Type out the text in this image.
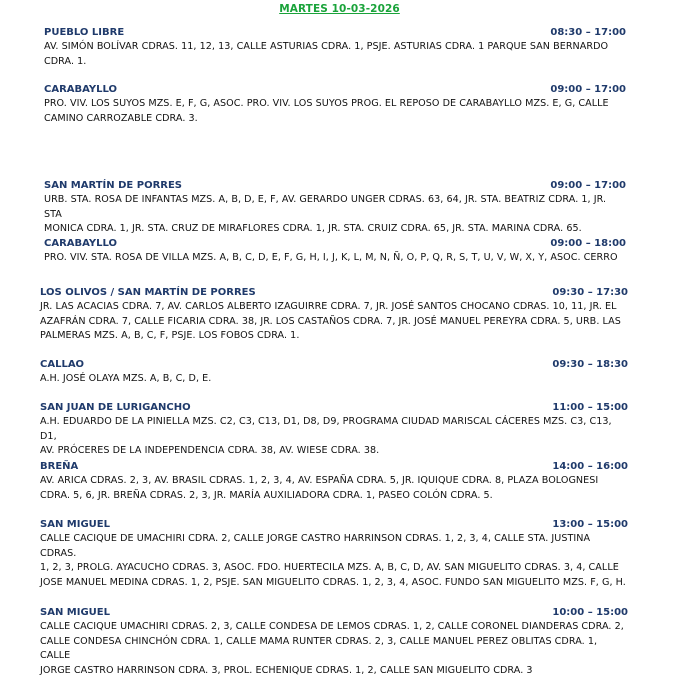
MARTES 10-03-2026
PUEBLO LIBRE	08:30 – 17:00
AV. SIMÓN BOLÍVAR CDRAS. 11, 12, 13, CALLE ASTURIAS CDRA. 1, PSJE. ASTURIAS CDRA. 1 PARQUE SAN BERNARDO
CDRA. 1.
CARABAYLLO	09:00 – 17:00
PRO. VIV. LOS SUYOS MZS. E, F, G, ASOC. PRO. VIV. LOS SUYOS PROG. EL REPOSO DE CARABAYLLO MZS. E, G, CALLE
CAMINO CARROZABLE CDRA. 3.
SAN MARTÍN DE PORRES	09:00 – 17:00
URB. STA. ROSA DE INFANTAS MZS. A, B, D, E, F, AV. GERARDO UNGER CDRAS. 63, 64, JR. STA. BEATRIZ CDRA. 1, JR. STA
MONICA CDRA. 1, JR. STA. CRUZ DE MIRAFLORES CDRA. 1, JR. STA. CRUIZ CDRA. 65, JR. STA. MARINA CDRA. 65.
CARABAYLLO	09:00 – 18:00
PRO. VIV. STA. ROSA DE VILLA MZS. A, B, C, D, E, F, G, H, I, J, K, L, M, N, Ñ, O, P, Q, R, S, T, U, V, W, X, Y, ASOC. CERRO
LOS OLIVOS / SAN MARTÍN DE PORRES	09:30 – 17:30
JR. LAS ACACIAS CDRA. 7, AV. CARLOS ALBERTO IZAGUIRRE CDRA. 7, JR. JOSÉ SANTOS CHOCANO CDRAS. 10, 11, JR. EL
AZAFRÁN CDRA. 7, CALLE FICARIA CDRA. 38, JR. LOS CASTAÑOS CDRA. 7, JR. JOSÉ MANUEL PEREYRA CDRA. 5, URB. LAS
PALMERAS MZS. A, B, C, F, PSJE. LOS FOBOS CDRA. 1.
CALLAO	09:30 – 18:30
A.H. JOSÉ OLAYA MZS. A, B, C, D, E.
SAN JUAN DE LURIGANCHO	11:00 – 15:00
A.H. EDUARDO DE LA PINIELLA MZS. C2, C3, C13, D1, D8, D9, PROGRAMA CIUDAD MARISCAL CÁCERES MZS. C3, C13, D1,
AV. PRÓCERES DE LA INDEPENDENCIA CDRA. 38, AV. WIESE CDRA. 38.
BREÑA	14:00 – 16:00
AV. ARICA CDRAS. 2, 3, AV. BRASIL CDRAS. 1, 2, 3, 4, AV. ESPAÑA CDRA. 5, JR. IQUIQUE CDRA. 8, PLAZA BOLOGNESI
CDRA. 5, 6, JR. BREÑA CDRAS. 2, 3, JR. MARÍA AUXILIADORA CDRA. 1, PASEO COLÓN CDRA. 5.
SAN MIGUEL	13:00 – 15:00
CALLE CACIQUE DE UMACHIRI CDRA. 2, CALLE JORGE CASTRO HARRINSON CDRAS. 1, 2, 3, 4, CALLE STA. JUSTINA CDRAS.
1, 2, 3, PROLG. AYACUCHO CDRAS. 3, ASOC. FDO. HUERTECILA MZS. A, B, C, D, AV. SAN MIGUELITO CDRAS. 3, 4, CALLE
JOSE MANUEL MEDINA CDRAS. 1, 2, PSJE. SAN MIGUELITO CDRAS. 1, 2, 3, 4, ASOC. FUNDO SAN MIGUELITO MZS. F, G, H.
SAN MIGUEL	10:00 – 15:00
CALLE CACIQUE UMACHIRI CDRAS. 2, 3, CALLE CONDESA DE LEMOS CDRAS. 1, 2, CALLE CORONEL DIANDERAS CDRA. 2,
CALLE CONDESA CHINCHÓN CDRA. 1, CALLE MAMA RUNTER CDRAS. 2, 3, CALLE MANUEL PEREZ OBLITAS CDRA. 1, CALLE
JORGE CASTRO HARRINSON CDRA. 3, PROL. ECHENIQUE CDRAS. 1, 2, CALLE SAN MIGUELITO CDRA. 3
